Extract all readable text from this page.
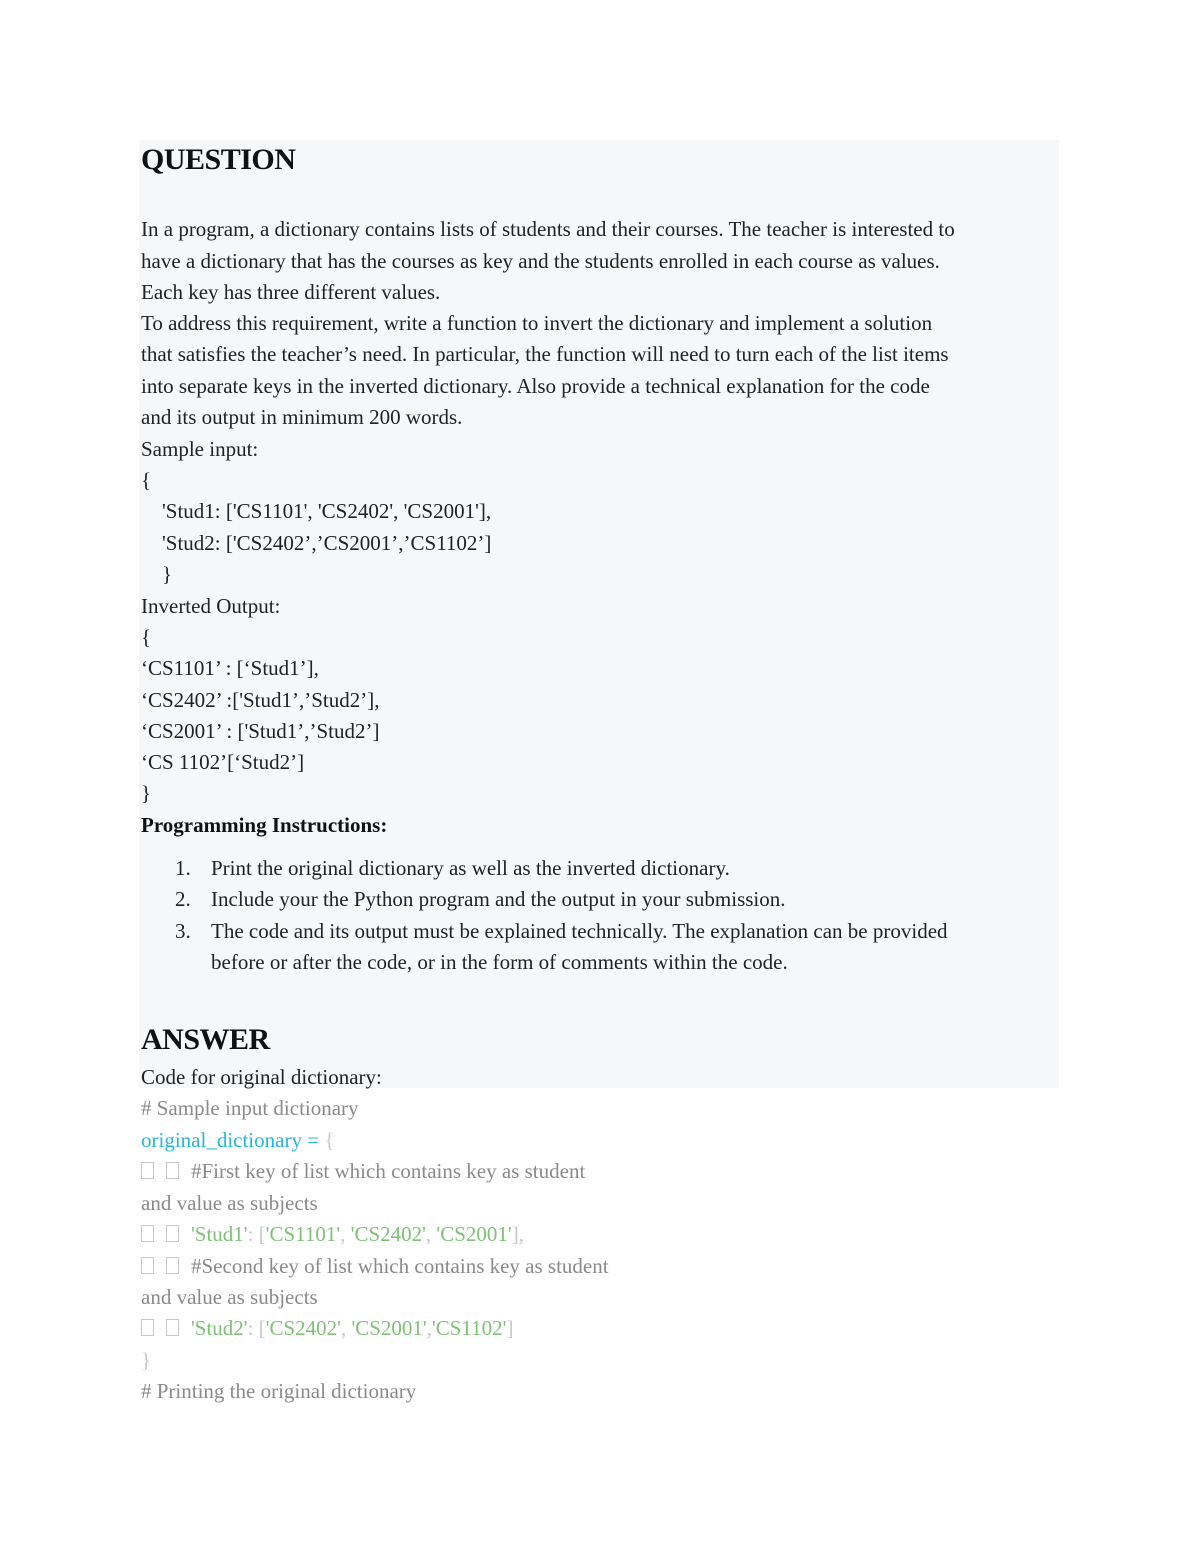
QUESTION

In a program, a dictionary contains lists of students and their courses. The teacher is interested to

have a dictionary that has the courses as key and the students enrolled in each course as values.

Each key has three different values.

To address this requirement, write a function to invert the dictionary and implement a solution

that satisfies the teacher’s need. In particular, the function will need to turn each of the list items

into separate keys in the inverted dictionary. Also provide a technical explanation for the code

and its output in minimum 200 words.

Sample input:

{

'Stud1: ['CS1101', 'CS2402', 'CS2001'],

'Stud2: ['CS2402’,’CS2001’,’CS1102’]

}

Inverted Output:

{

‘CS1101’ : [‘Stud1’],

‘CS2402’ :['Stud1’,’Stud2’],

‘CS2001’ : ['Stud1’,’Stud2’]

‘CS 1102’[‘Stud2’]

}

Programming Instructions:

1. Print the original dictionary as well as the inverted dictionary.
2. Include your the Python program and the output in your submission.
3. The code and its output must be explained technically. The explanation can be provided
before or after the code, or in the form of comments within the code.
ANSWER

Code for original dictionary:

# Sample input dictionary

original_dictionary = {

#First key of list which contains key as student

and value as subjects

'Stud1': ['CS1101', 'CS2402', 'CS2001'],

#Second key of list which contains key as student

and value as subjects

'Stud2': ['CS2402', 'CS2001','CS1102']

}

# Printing the original dictionary
